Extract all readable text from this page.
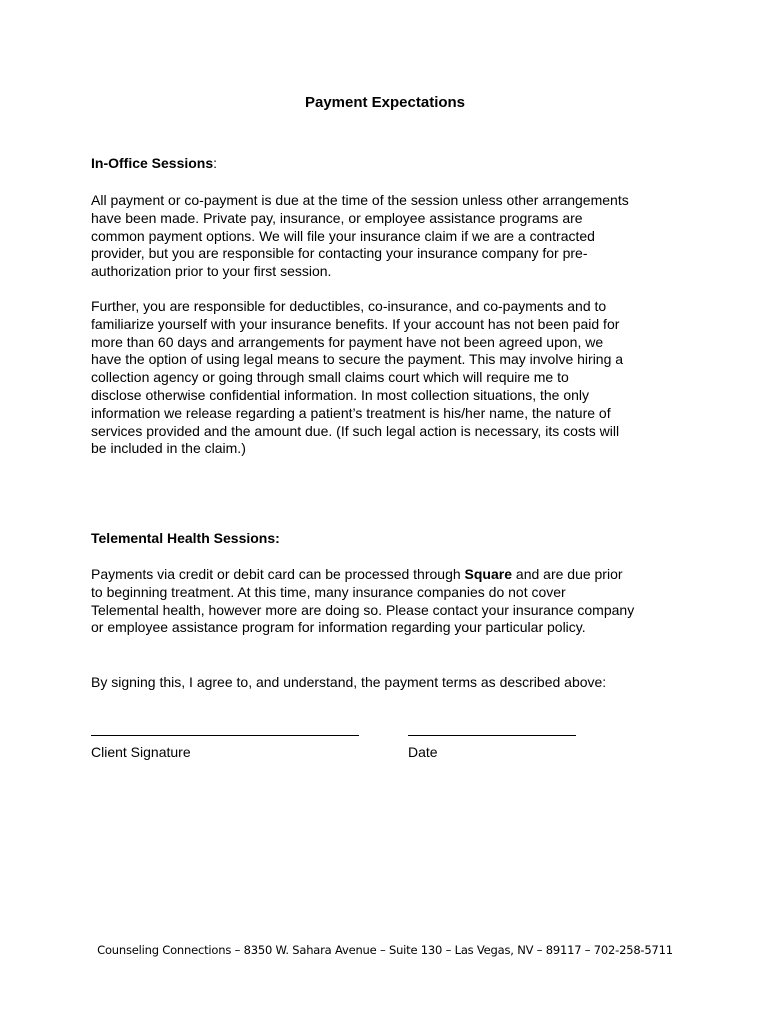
Payment Expectations
In-Office Sessions:
All payment or co-payment is due at the time of the session unless other arrangements
have been made. Private pay, insurance, or employee assistance programs are
common payment options. We will file your insurance claim if we are a contracted
provider, but you are responsible for contacting your insurance company for pre-
authorization prior to your first session.
Further, you are responsible for deductibles, co-insurance, and co-payments and to
familiarize yourself with your insurance benefits. If your account has not been paid for
more than 60 days and arrangements for payment have not been agreed upon, we
have the option of using legal means to secure the payment. This may involve hiring a
collection agency or going through small claims court which will require me to
disclose otherwise confidential information. In most collection situations, the only
information we release regarding a patient’s treatment is his/her name, the nature of
services provided and the amount due. (If such legal action is necessary, its costs will
be included in the claim.)
Telemental Health Sessions:
Payments via credit or debit card can be processed through Square and are due prior
to beginning treatment. At this time, many insurance companies do not cover
Telemental health, however more are doing so. Please contact your insurance company
or employee assistance program for information regarding your particular policy.
By signing this, I agree to, and understand, the payment terms as described above:
Client Signature	Date
Counseling Connections – 8350 W. Sahara Avenue – Suite 130 – Las Vegas, NV – 89117 – 702-258-5711
